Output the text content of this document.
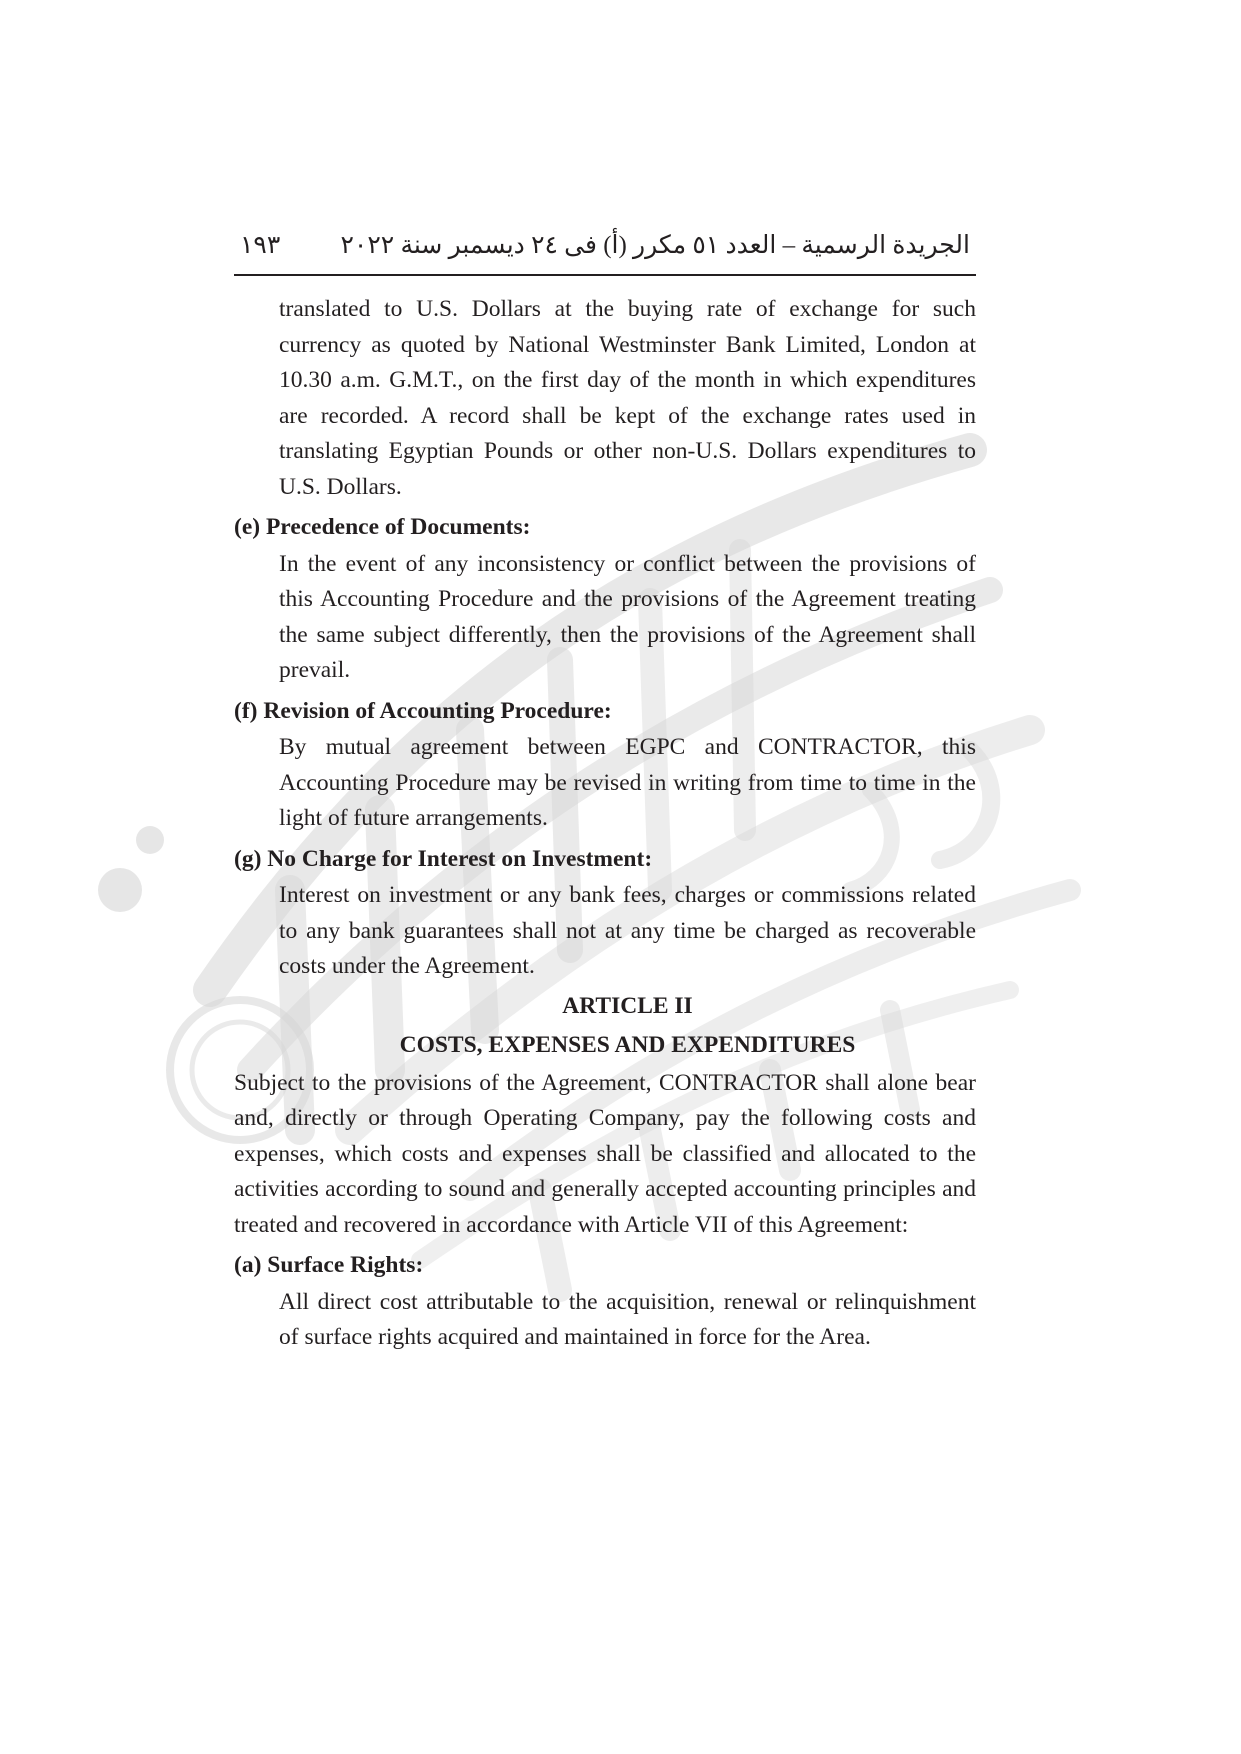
الجريدة الرسمية – العدد ٥١ مكرر (أ) فى ٢٤ ديسمبر سنة ٢٠٢٢
١٩٣

translated to U.S. Dollars at the buying rate of exchange for such currency as quoted by National Westminster Bank Limited, London at 10.30 a.m. G.M.T., on the first day of the month in which expenditures are recorded. A record shall be kept of the exchange rates used in translating Egyptian Pounds or other non-U.S. Dollars expenditures to U.S. Dollars.

(e) Precedence of Documents:

In the event of any inconsistency or conflict between the provisions of this Accounting Procedure and the provisions of the Agreement treating the same subject differently, then the provisions of the Agreement shall prevail.

(f) Revision of Accounting Procedure:

By mutual agreement between EGPC and CONTRACTOR, this Accounting Procedure may be revised in writing from time to time in the light of future arrangements.

(g) No Charge for Interest on Investment:

Interest on investment or any bank fees, charges or commissions related to any bank guarantees shall not at any time be charged as recoverable costs under the Agreement.

ARTICLE II

COSTS, EXPENSES AND EXPENDITURES

Subject to the provisions of the Agreement, CONTRACTOR shall alone bear and, directly or through Operating Company, pay the following costs and expenses, which costs and expenses shall be classified and allocated to the activities according to sound and generally accepted accounting principles and treated and recovered in accordance with Article VII of this Agreement:

(a) Surface Rights:

All direct cost attributable to the acquisition, renewal or relinquishment of surface rights acquired and maintained in force for the Area.
